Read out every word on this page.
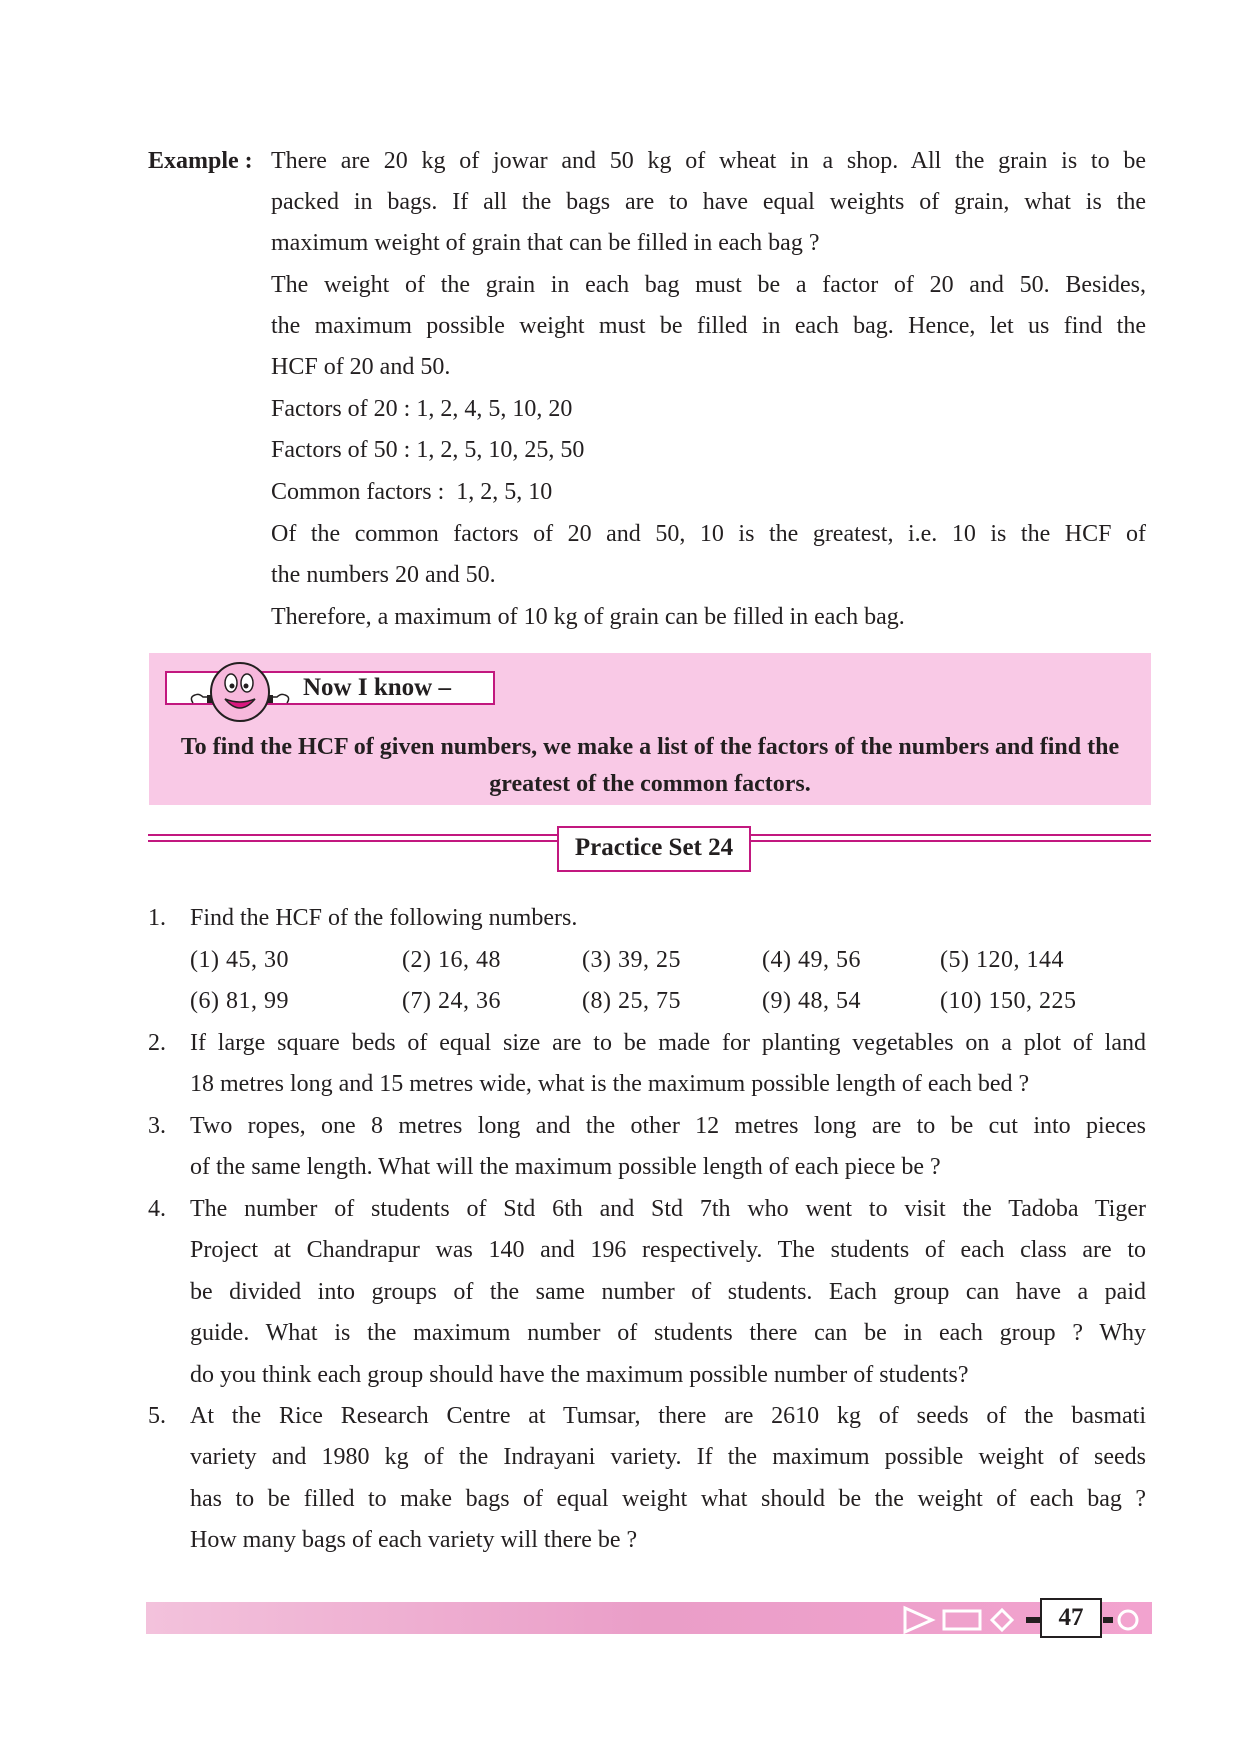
Example : There are 20 kg of jowar and 50 kg of wheat in a shop. All the grain is to be
packed in bags. If all the bags are to have equal weights of grain, what is the
maximum weight of grain that can be filled in each bag ?
The weight of the grain in each bag must be a factor of 20 and 50. Besides,
the maximum possible weight must be filled in each bag. Hence, let us find the
HCF of 20 and 50.
Factors of 20 : 1, 2, 4, 5, 10, 20
Factors of 50 : 1, 2, 5, 10, 25, 50
Common factors :  1, 2, 5, 10
Of the common factors of 20 and 50, 10 is the greatest, i.e. 10 is the HCF of
the numbers 20 and 50.
Therefore, a maximum of 10 kg of grain can be filled in each bag.
Now I know –
To find the HCF of given numbers, we make a list of the factors of the numbers and find the greatest of the common factors.
Practice Set 24
1. Find the HCF of the following numbers.
(1) 45, 30	(2) 16, 48	(3) 39, 25	(4) 49, 56	(5) 120, 144
(6) 81, 99	(7) 24, 36	(8) 25, 75	(9) 48, 54	(10) 150, 225
2. If large square beds of equal size are to be made for planting vegetables on a plot of land
18 metres long and 15 metres wide, what is the maximum possible length of each bed ?
3. Two ropes, one 8 metres long and the other 12 metres long are to be cut into pieces
of the same length. What will the maximum possible length of each piece be ?
4. The number of students of Std 6th and Std 7th who went to visit the Tadoba Tiger
Project at Chandrapur was 140 and 196 respectively. The students of each class are to
be divided into groups of the same number of students. Each group can have a paid
guide. What is the maximum number of students there can be in each group ? Why
do you think each group should have the maximum possible number of students?
5. At the Rice Research Centre at Tumsar, there are 2610 kg of seeds of the basmati
variety and 1980 kg of the Indrayani variety. If the maximum possible weight of seeds
has to be filled to make bags of equal weight what should be the weight of each bag ?
How many bags of each variety will there be ?
47
